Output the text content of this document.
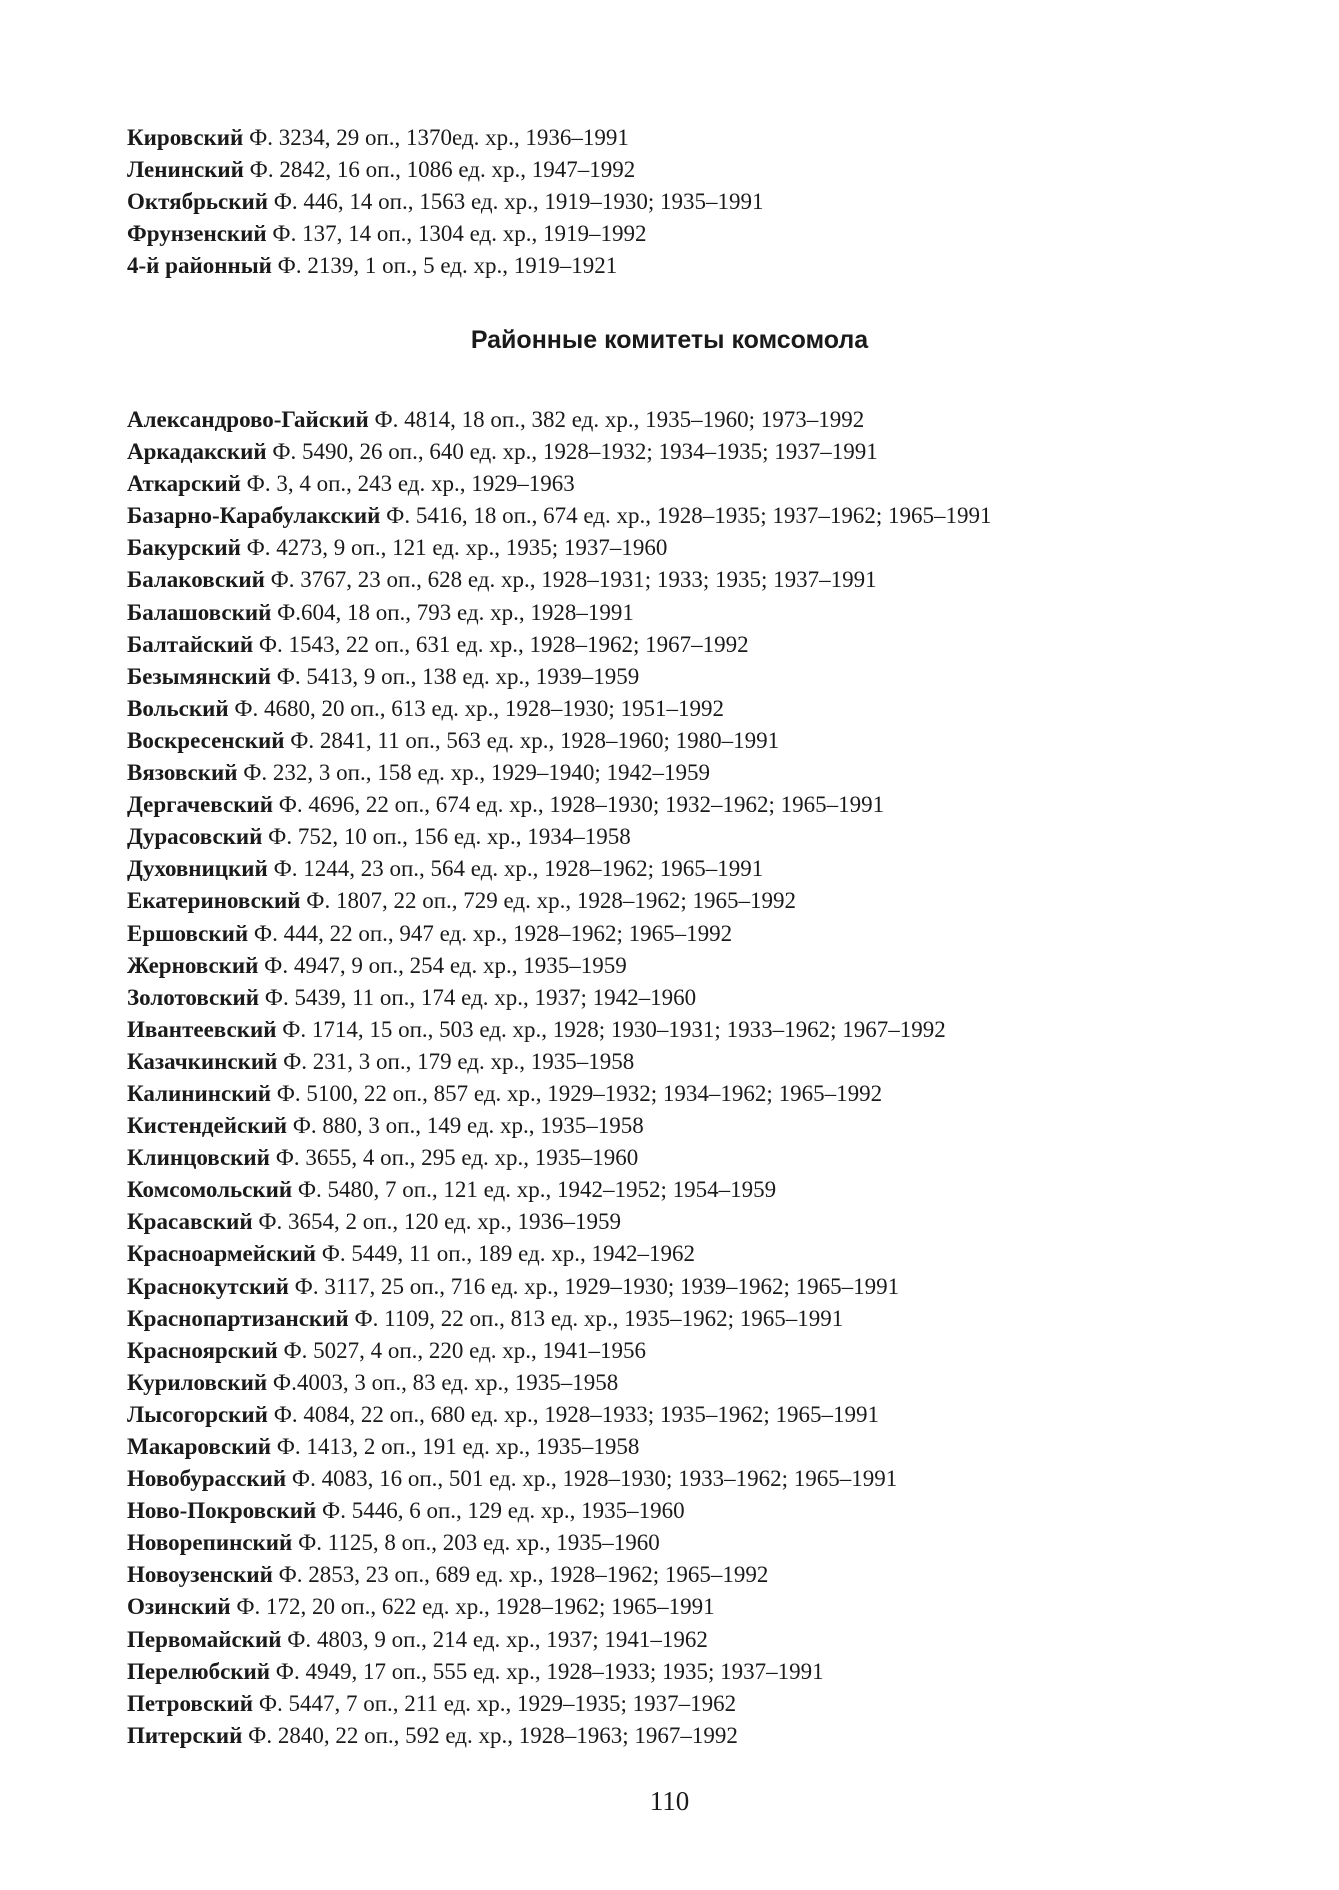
Кировский Ф. 3234, 29 оп., 1370ед. хр., 1936–1991
Ленинский Ф. 2842, 16 оп., 1086 ед. хр., 1947–1992
Октябрьский Ф. 446, 14 оп., 1563 ед. хр., 1919–1930; 1935–1991
Фрунзенский Ф. 137, 14 оп., 1304 ед. хр., 1919–1992
4-й районный Ф. 2139, 1 оп., 5 ед. хр., 1919–1921
Районные комитеты комсомола
Александрово-Гайский Ф. 4814, 18 оп., 382 ед. хр., 1935–1960; 1973–1992
Аркадакский Ф. 5490, 26 оп., 640 ед. хр., 1928–1932; 1934–1935; 1937–1991
Аткарский Ф. 3, 4 оп., 243 ед. хр., 1929–1963
Базарно-Карабулакский Ф. 5416, 18 оп., 674 ед. хр., 1928–1935; 1937–1962; 1965–1991
Бакурский Ф. 4273, 9 оп., 121 ед. хр., 1935; 1937–1960
Балаковский Ф. 3767, 23 оп., 628 ед. хр., 1928–1931; 1933; 1935; 1937–1991
Балашовский Ф.604, 18 оп., 793 ед. хр., 1928–1991
Балтайский Ф. 1543, 22 оп., 631 ед. хр., 1928–1962; 1967–1992
Безымянский Ф. 5413, 9 оп., 138 ед. хр., 1939–1959
Вольский Ф. 4680, 20 оп., 613 ед. хр., 1928–1930; 1951–1992
Воскресенский Ф. 2841, 11 оп., 563 ед. хр., 1928–1960; 1980–1991
Вязовский Ф. 232, 3 оп., 158 ед. хр., 1929–1940; 1942–1959
Дергачевский Ф. 4696, 22 оп., 674 ед. хр., 1928–1930; 1932–1962; 1965–1991
Дурасовский Ф. 752, 10 оп., 156 ед. хр., 1934–1958
Духовницкий Ф. 1244, 23 оп., 564 ед. хр., 1928–1962; 1965–1991
Екатериновский Ф. 1807, 22 оп., 729 ед. хр., 1928–1962; 1965–1992
Ершовский Ф. 444, 22 оп., 947 ед. хр., 1928–1962; 1965–1992
Жерновский Ф. 4947, 9 оп., 254 ед. хр., 1935–1959
Золотовский Ф. 5439, 11 оп., 174 ед. хр., 1937; 1942–1960
Ивантеевский Ф. 1714, 15 оп., 503 ед. хр., 1928; 1930–1931; 1933–1962; 1967–1992
Казачкинский Ф. 231, 3 оп., 179 ед. хр., 1935–1958
Калининский Ф. 5100, 22 оп., 857 ед. хр., 1929–1932; 1934–1962; 1965–1992
Кистендейский Ф. 880, 3 оп., 149 ед. хр., 1935–1958
Клинцовский Ф. 3655, 4 оп., 295 ед. хр., 1935–1960
Комсомольский Ф. 5480, 7 оп., 121 ед. хр., 1942–1952; 1954–1959
Красавский Ф. 3654, 2 оп., 120 ед. хр., 1936–1959
Красноармейский Ф. 5449, 11 оп., 189 ед. хр., 1942–1962
Краснокутский Ф. 3117, 25 оп., 716 ед. хр., 1929–1930; 1939–1962; 1965–1991
Краснопартизанский Ф. 1109, 22 оп., 813 ед. хр., 1935–1962; 1965–1991
Красноярский Ф. 5027, 4 оп., 220 ед. хр., 1941–1956
Куриловский Ф.4003, 3 оп., 83 ед. хр., 1935–1958
Лысогорский Ф. 4084, 22 оп., 680 ед. хр., 1928–1933; 1935–1962; 1965–1991
Макаровский Ф. 1413, 2 оп., 191 ед. хр., 1935–1958
Новобурасский Ф. 4083, 16 оп., 501 ед. хр., 1928–1930; 1933–1962; 1965–1991
Ново-Покровский Ф. 5446, 6 оп., 129 ед. хр., 1935–1960
Новорепинский Ф. 1125, 8 оп., 203 ед. хр., 1935–1960
Новоузенский Ф. 2853, 23 оп., 689 ед. хр., 1928–1962; 1965–1992
Озинский Ф. 172, 20 оп., 622 ед. хр., 1928–1962; 1965–1991
Первомайский Ф. 4803, 9 оп., 214 ед. хр., 1937; 1941–1962
Перелюбский Ф. 4949, 17 оп., 555 ед. хр., 1928–1933; 1935; 1937–1991
Петровский Ф. 5447, 7 оп., 211 ед. хр., 1929–1935; 1937–1962
Питерский Ф. 2840, 22 оп., 592 ед. хр., 1928–1963; 1967–1992
110
